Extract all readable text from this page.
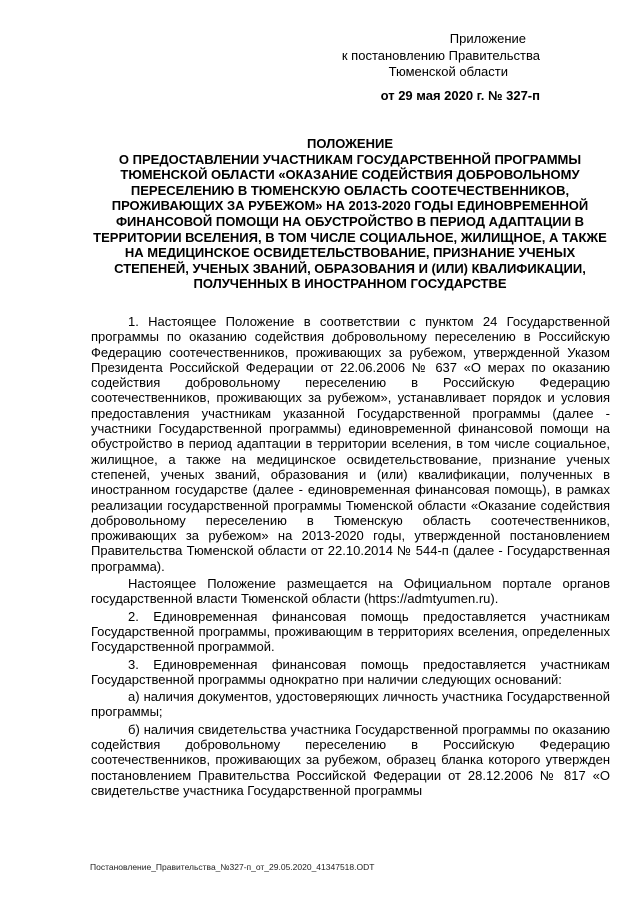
Приложение
к постановлению Правительства
Тюменской области
от 29 мая 2020 г. № 327-п
ПОЛОЖЕНИЕ
О ПРЕДОСТАВЛЕНИИ УЧАСТНИКАМ ГОСУДАРСТВЕННОЙ ПРОГРАММЫ ТЮМЕНСКОЙ ОБЛАСТИ «ОКАЗАНИЕ СОДЕЙСТВИЯ ДОБРОВОЛЬНОМУ ПЕРЕСЕЛЕНИЮ В ТЮМЕНСКУЮ ОБЛАСТЬ СООТЕЧЕСТВЕННИКОВ, ПРОЖИВАЮЩИХ ЗА РУБЕЖОМ» НА 2013-2020 ГОДЫ ЕДИНОВРЕМЕННОЙ ФИНАНСОВОЙ ПОМОЩИ НА ОБУСТРОЙСТВО В ПЕРИОД АДАПТАЦИИ В ТЕРРИТОРИИ ВСЕЛЕНИЯ, В ТОМ ЧИСЛЕ СОЦИАЛЬНОЕ, ЖИЛИЩНОЕ, А ТАКЖЕ НА МЕДИЦИНСКОЕ ОСВИДЕТЕЛЬСТВОВАНИЕ, ПРИЗНАНИЕ УЧЕНЫХ СТЕПЕНЕЙ, УЧЕНЫХ ЗВАНИЙ, ОБРАЗОВАНИЯ И (ИЛИ) КВАЛИФИКАЦИИ, ПОЛУЧЕННЫХ В ИНОСТРАННОМ ГОСУДАРСТВЕ

1. Настоящее Положение в соответствии с пунктом 24 Государственной программы по оказанию содействия добровольному переселению в Российскую Федерацию соотечественников, проживающих за рубежом, утвержденной Указом Президента Российской Федерации от 22.06.2006 № 637 «О мерах по оказанию содействия добровольному переселению в Российскую Федерацию соотечественников, проживающих за рубежом», устанавливает порядок и условия предоставления участникам указанной Государственной программы (далее - участники Государственной программы) единовременной финансовой помощи на обустройство в период адаптации в территории вселения, в том числе социальное, жилищное, а также на медицинское освидетельствование, признание ученых степеней, ученых званий, образования и (или) квалификации, полученных в иностранном государстве (далее - единовременная финансовая помощь), в рамках реализации государственной программы Тюменской области «Оказание содействия добровольному переселению в Тюменскую область соотечественников, проживающих за рубежом» на 2013-2020 годы, утвержденной постановлением Правительства Тюменской области от 22.10.2014 № 544-п (далее - Государственная программа).

Настоящее Положение размещается на Официальном портале органов государственной власти Тюменской области (https://admtyumen.ru).

2. Единовременная финансовая помощь предоставляется участникам Государственной программы, проживающим в территориях вселения, определенных Государственной программой.

3. Единовременная финансовая помощь предоставляется участникам Государственной программы однократно при наличии следующих оснований:

а) наличия документов, удостоверяющих личность участника Государственной программы;

б) наличия свидетельства участника Государственной программы по оказанию содействия добровольному переселению в Российскую Федерацию соотечественников, проживающих за рубежом, образец бланка которого утвержден постановлением Правительства Российской Федерации от 28.12.2006 № 817 «О свидетельстве участника Государственной программы

Постановление_Правительства_№327-п_от_29.05.2020_41347518.ODT
